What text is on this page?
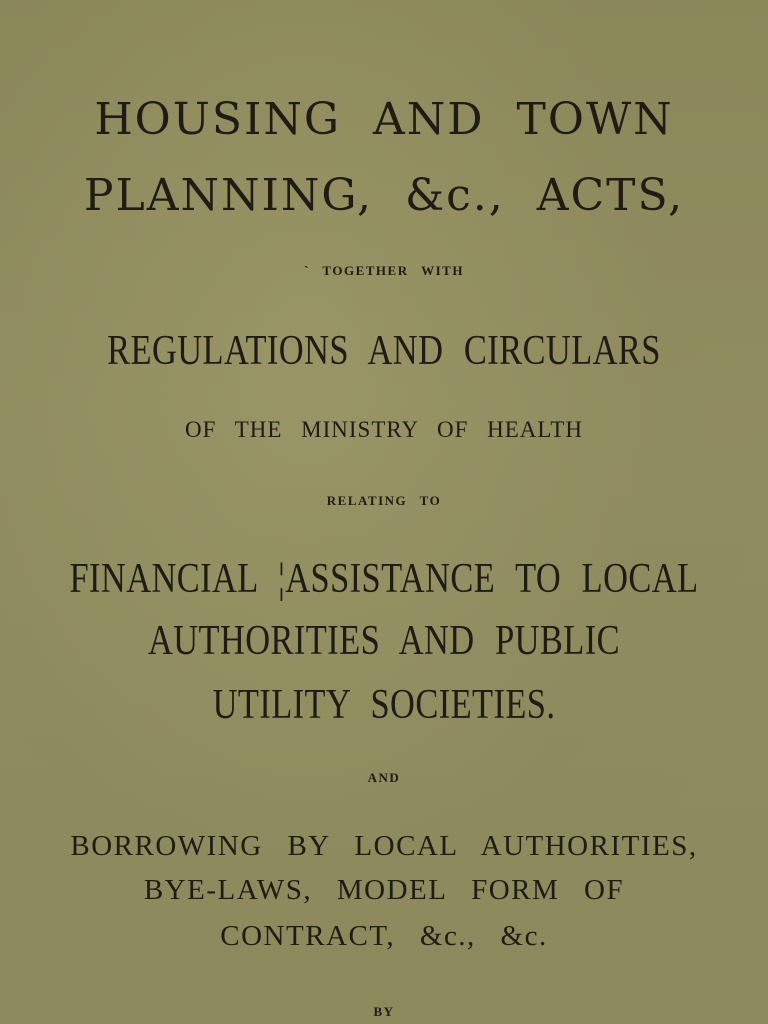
HOUSING AND TOWN
PLANNING, &c., ACTS,
` TOGETHER WITH
REGULATIONS AND CIRCULARS
OF THE MINISTRY OF HEALTH
RELATING TO
FINANCIAL ¦ASSISTANCE TO LOCAL
AUTHORITIES AND PUBLIC
UTILITY SOCIETIES.
AND
BORROWING BY LOCAL AUTHORITIES,
BYE-LAWS, MODEL FORM OF
CONTRACT, &c., &c.
BY
